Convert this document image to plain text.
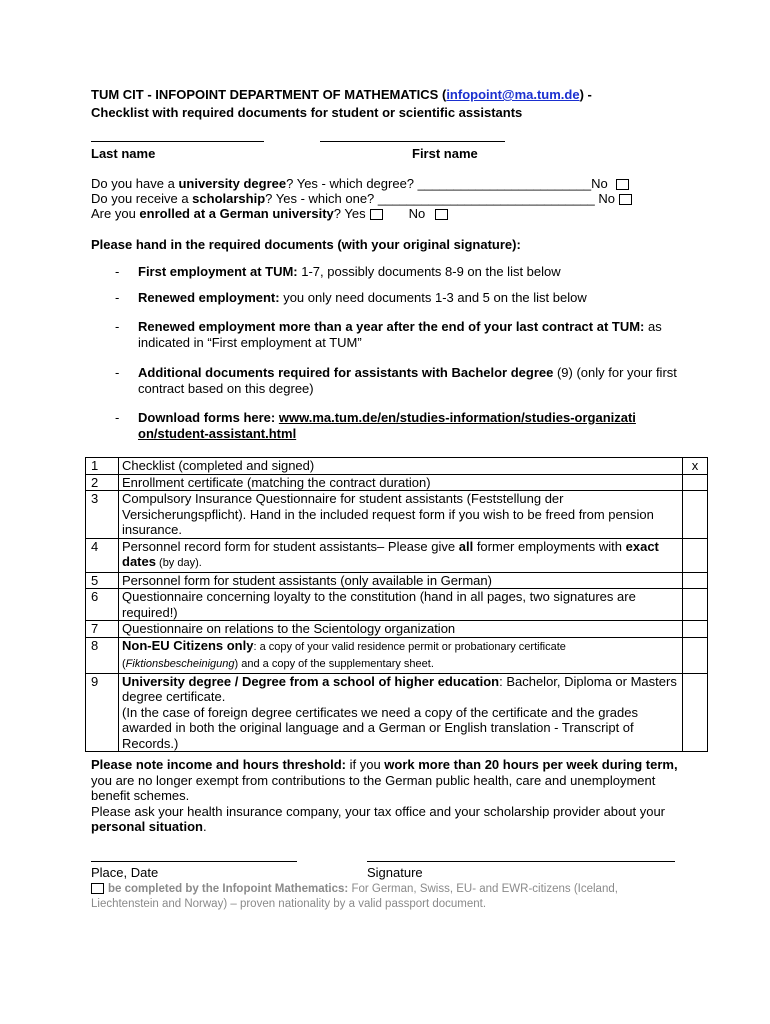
TUM CIT - INFOPOINT DEPARTMENT OF MATHEMATICS (infopoint@ma.tum.de) -
Checklist with required documents for student or scientific assistants
Last name	First name
Do you have a university degree? Yes - which degree? ________________________No
Do you receive a scholarship? Yes - which one? ______________________________ No
Are you enrolled at a German university? Yes	No
Please hand in the required documents (with your original signature):
- First employment at TUM: 1-7, possibly documents 8-9 on the list below
- Renewed employment: you only need documents 1-3 and 5 on the list below
- Renewed employment more than a year after the end of your last contract at TUM: as indicated in “First employment at TUM”
- Additional documents required for assistants with Bachelor degree (9) (only for your first contract based on this degree)
- Download forms here: www.ma.tum.de/en/studies-information/studies-organization/student-assistant.html
1	Checklist (completed and signed)	x
2	Enrollment certificate (matching the contract duration)	
3	Compulsory Insurance Questionnaire for student assistants (Feststellung der Versicherungspflicht). Hand in the included request form if you wish to be freed from pension insurance.	
4	Personnel record form for student assistants– Please give all former employments with exact dates (by day).	
5	Personnel form for student assistants (only available in German)	
6	Questionnaire concerning loyalty to the constitution (hand in all pages, two signatures are required!)	
7	Questionnaire on relations to the Scientology organization	
8	Non-EU Citizens only: a copy of your valid residence permit or probationary certificate (Fiktionsbescheinigung) and a copy of the supplementary sheet.	
9	University degree / Degree from a school of higher education: Bachelor, Diploma or Masters degree certificate.
(In the case of foreign degree certificates we need a copy of the certificate and the grades awarded in both the original language and a German or English translation - Transcript of Records.)	
Please note income and hours threshold: if you work more than 20 hours per week during term, you are no longer exempt from contributions to the German public health, care and unemployment benefit schemes.
Please ask your health insurance company, your tax office and your scholarship provider about your personal situation.
Place, Date	Signature
be completed by the Infopoint Mathematics: For German, Swiss, EU- and EWR-citizens (Iceland, Liechtenstein and Norway) – proven nationality by a valid passport document.
